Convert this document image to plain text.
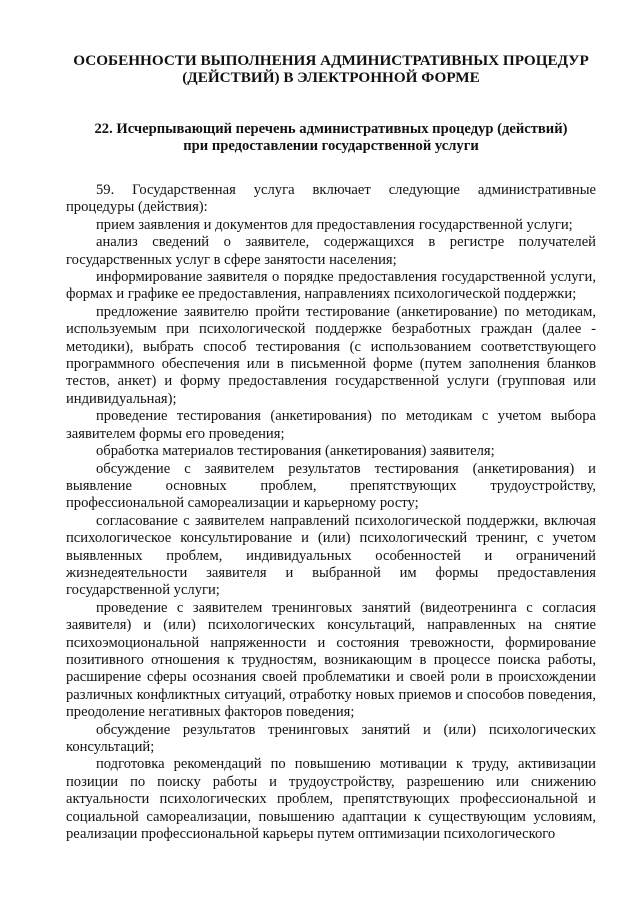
ОСОБЕННОСТИ ВЫПОЛНЕНИЯ АДМИНИСТРАТИВНЫХ ПРОЦЕДУР
(ДЕЙСТВИЙ) В ЭЛЕКТРОННОЙ ФОРМЕ
22. Исчерпывающий перечень административных процедур (действий)
при предоставлении государственной услуги

59. Государственная услуга включает следующие административные процедуры (действия):

прием заявления и документов для предоставления государственной услуги;

анализ сведений о заявителе, содержащихся в регистре получателей государственных услуг в сфере занятости населения;

информирование заявителя о порядке предоставления государственной услуги, формах и графике ее предоставления, направлениях психологической поддержки;

предложение заявителю пройти тестирование (анкетирование) по методикам, используемым при психологической поддержке безработных граждан (далее - методики), выбрать способ тестирования (с использованием соответствующего программного обеспечения или в письменной форме (путем заполнения бланков тестов, анкет) и форму предоставления государственной услуги (групповая или индивидуальная);

проведение тестирования (анкетирования) по методикам с учетом выбора заявителем формы его проведения;

обработка материалов тестирования (анкетирования) заявителя;

обсуждение с заявителем результатов тестирования (анкетирования) и выявление основных проблем, препятствующих трудоустройству, профессиональной самореализации и карьерному росту;

согласование с заявителем направлений психологической поддержки, включая психологическое консультирование и (или) психологический тренинг, с учетом выявленных проблем, индивидуальных особенностей и ограничений жизнедеятельности заявителя и выбранной им формы предоставления государственной услуги;

проведение с заявителем тренинговых занятий (видеотренинга с согласия заявителя) и (или) психологических консультаций, направленных на снятие психоэмоциональной напряженности и состояния тревожности, формирование позитивного отношения к трудностям, возникающим в процессе поиска работы, расширение сферы осознания своей проблематики и своей роли в происхождении различных конфликтных ситуаций, отработку новых приемов и способов поведения, преодоление негативных факторов поведения;

обсуждение результатов тренинговых занятий и (или) психологических консультаций;

подготовка рекомендаций по повышению мотивации к труду, активизации позиции по поиску работы и трудоустройству, разрешению или снижению актуальности психологических проблем, препятствующих профессиональной и социальной самореализации, повышению адаптации к существующим условиям, реализации профессиональной карьеры путем оптимизации психологического
